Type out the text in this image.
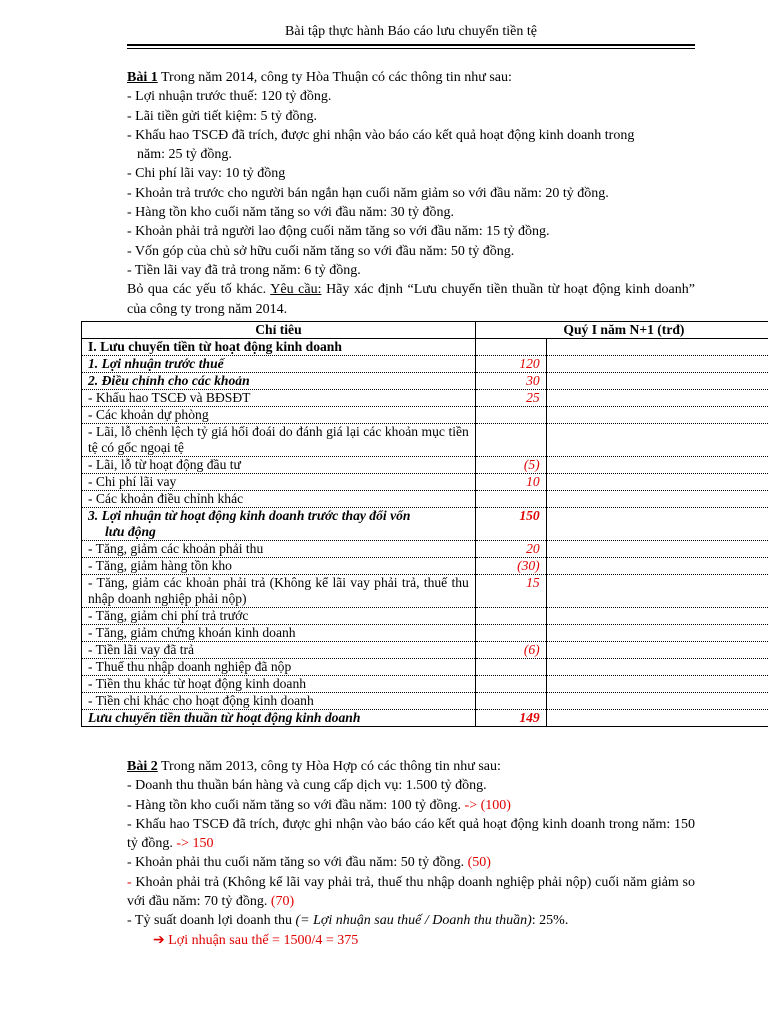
Bài tập thực hành Báo cáo lưu chuyển tiền tệ

Bài 1 Trong năm 2014, công ty Hòa Thuận có các thông tin như sau:

- Lợi nhuận trước thuế: 120 tỷ đồng.

- Lãi tiền gửi tiết kiệm: 5 tỷ đồng.

- Khấu hao TSCĐ đã trích, được ghi nhận vào báo cáo kết quả hoạt động kinh doanh trong

năm: 25 tỷ đồng.

- Chi phí lãi vay: 10 tỷ đồng

- Khoản trả trước cho người bán ngắn hạn cuối năm giảm so với đầu năm: 20 tỷ đồng.

- Hàng tồn kho cuối năm tăng so với đầu năm: 30 tỷ đồng.

- Khoản phải trả người lao động cuối năm tăng so với đầu năm: 15 tỷ đồng.

- Vốn góp của chủ sở hữu cuối năm tăng so với đầu năm: 50 tỷ đồng.

- Tiền lãi vay đã trả trong năm: 6 tỷ đồng.

Bỏ qua các yếu tố khác. Yêu cầu: Hãy xác định “Lưu chuyển tiền thuần từ hoạt động kinh doanh” của công ty trong năm 2014.

Chỉ tiêu	Quý I năm N+1 (trđ)	
I. Lưu chuyển tiền từ hoạt động kinh doanh		
1. Lợi nhuận trước thuế	120	
2. Điều chỉnh cho các khoản	30	
- Khấu hao TSCĐ và BĐSĐT	25	
- Các khoản dự phòng		
- Lãi, lỗ chênh lệch tỷ giá hối đoái do đánh giá lại các khoản mục tiền tệ có gốc ngoại tệ		
- Lãi, lỗ từ hoạt động đầu tư	(5)	
- Chi phí lãi vay	10	
- Các khoản điều chỉnh khác		
3. Lợi nhuận từ hoạt động kinh doanh trước thay đổi vốn
lưu động	150	
- Tăng, giảm các khoản phải thu	20	
- Tăng, giảm hàng tồn kho	(30)	
- Tăng, giảm các khoản phải trả (Không kể lãi vay phải trả, thuế thu nhập doanh nghiệp phải nộp)	15	
- Tăng, giảm chi phí trả trước		
- Tăng, giảm chứng khoán kinh doanh		
- Tiền lãi vay đã trả	(6)	
- Thuế thu nhập doanh nghiệp đã nộp		
- Tiền thu khác từ hoạt động kinh doanh		
- Tiền chi khác cho hoạt động kinh doanh		
Lưu chuyển tiền thuần từ hoạt động kinh doanh	149	

Bài 2 Trong năm 2013, công ty Hòa Hợp có các thông tin như sau:

- Doanh thu thuần bán hàng và cung cấp dịch vụ: 1.500 tỷ đồng.

- Hàng tồn kho cuối năm tăng so với đầu năm: 100 tỷ đồng. -> (100)

- Khấu hao TSCĐ đã trích, được ghi nhận vào báo cáo kết quả hoạt động kinh doanh trong năm: 150 tỷ đồng. -> 150

- Khoản phải thu cuối năm tăng so với đầu năm: 50 tỷ đồng. (50)

- Khoản phải trả (Không kể lãi vay phải trả, thuế thu nhập doanh nghiệp phải nộp) cuối năm giảm so với đầu năm: 70 tỷ đồng. (70)

- Tỷ suất doanh lợi doanh thu (= Lợi nhuận sau thuế / Doanh thu thuần): 25%.

➔ Lợi nhuận sau thế = 1500/4 = 375
